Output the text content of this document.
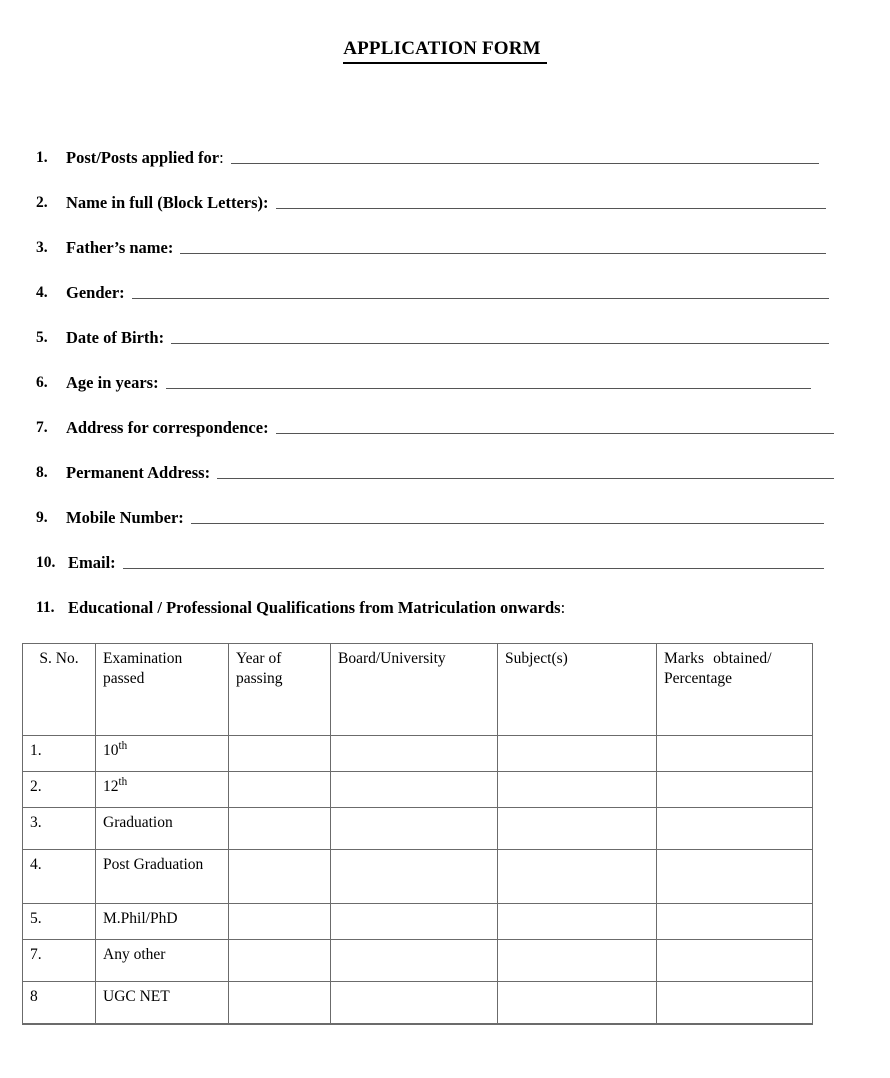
APPLICATION FORM
1.	Post/Posts applied for:
2.	Name in full (Block Letters):
3.	Father’s name:
4.	Gender:
5.	Date of Birth:
6.	Age in years:
7.	Address for correspondence:
8.	Permanent Address:
9.	Mobile Number:
10. Email:
11. Educational / Professional Qualifications from Matriculation onwards:
S. No.	Examination passed	Year of passing	Board/University	Subject(s)	Marks obtained/
Percentage
1.	10th				
2.	12th				
3.	Graduation				
4.	Post Graduation				
5.	M.Phil/PhD				
7.	Any other				
8	UGC NET				
